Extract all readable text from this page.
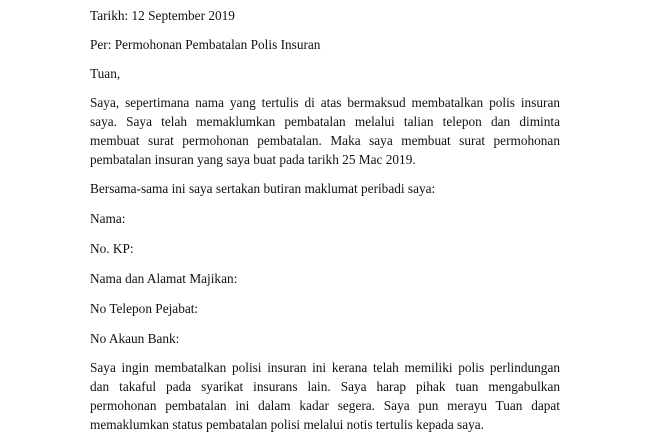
Tarikh: 12 September 2019

Per: Permohonan Pembatalan Polis Insuran

Tuan,

Saya, sepertimana nama yang tertulis di atas bermaksud membatalkan polis insuran
saya. Saya telah memaklumkan pembatalan melalui talian telepon dan diminta
membuat surat permohonan pembatalan. Maka saya membuat surat permohonan
pembatalan insuran yang saya buat pada tarikh 25 Mac 2019.

Bersama-sama ini saya sertakan butiran maklumat peribadi saya:

Nama:

No. KP:

Nama dan Alamat Majikan:

No Telepon Pejabat:

No Akaun Bank:

Saya ingin membatalkan polisi insuran ini kerana telah memiliki polis perlindungan
dan takaful pada syarikat insurans lain. Saya harap pihak tuan mengabulkan
permohonan pembatalan ini dalam kadar segera. Saya pun merayu Tuan dapat
memaklumkan status pembatalan polisi melalui notis tertulis kepada saya.
